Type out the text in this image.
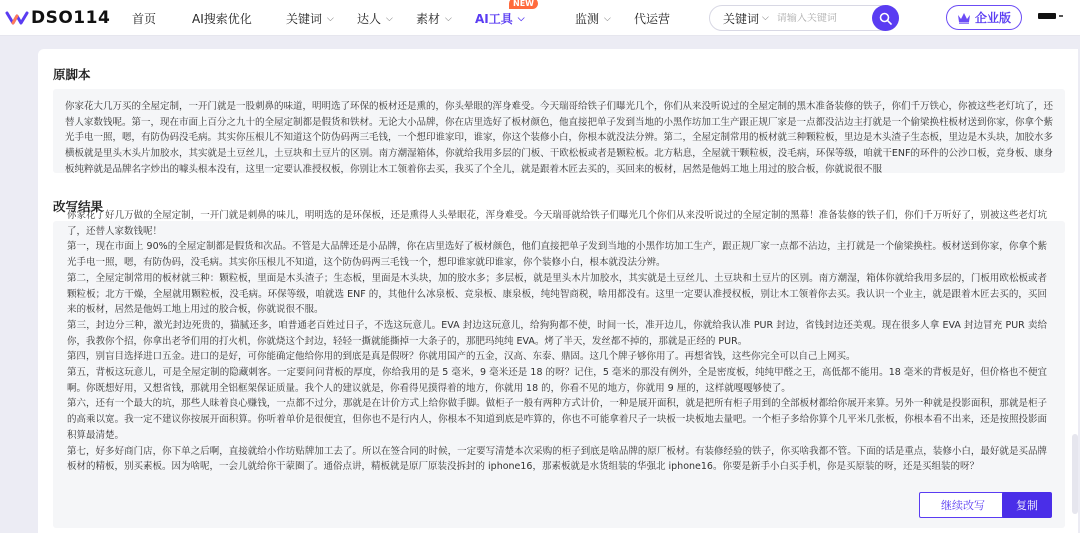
DSO114 首页	AI搜索优化	关键词 ⌵ 达人 ⌵ 素材 ⌵ AI工具 ⌵
NEW
监测 ⌵ 代运营	关键词 ⌵
请输入关键词	企业版
原脚本
你家花大几万买的全屋定制，一开门就是一股刺鼻的味道，明明选了环保的板材还是熏的，你头晕眼的浑身难受。今天瑞哥给铁子们曝光几个，你们从来没听说过的全屋定制的黑木准备装修的铁子，你们千万铁心，你被这些老灯坑了，还替人家数钱呢。第一，现在市面上百分之九十的全屋定制都是假货和铁材。无论大小品牌，你在店里选好了板材颜色，他直接把单子发到当地的小黑作坊加工生产跟正规厂家是一点都没沾边主打就是一个偷梁换柱板材送到你家，你拿个紫光手电一照，嗯，有防伪码没毛病。其实你压根儿不知道这个防伪码两三毛钱，一个想印谁家印，谁家，你这个装修小白，你根本就没法分辨。第二，全屋定制常用的板材就三种颗粒板，里边是木头渣子生态板，里边是木头块，加胶水多横板就是里头木头片加胶水，其实就是土豆丝儿，土豆块和土豆片的区别。南方潮湿箱体，你就给我用多层的门板、干欧松板或者是颗粒板。北方粘息，全屋就干颗粒板，没毛病，环保等级，咱就干ENF的环件的公沙口板，竞身板、康身板纯粹就是品牌名字炒出的噱头根本没有，这里一定要认准授权板，你别让木工领着你去买，我买了个全儿，就是跟着木匠去买的，买回来的板材，居然是他妈工地上用过的胶合板，你就说很不服
改写结果

你家花了好几万做的全屋定制，一开门就是刺鼻的味儿，明明选的是环保板，还是熏得人头晕眼花，浑身难受。今天瑞哥就给铁子们曝光几个你们从来没听说过的全屋定制的黑幕！准备装修的铁子们，你们千万听好了，别被这些老灯坑了，还替人家数钱呢！

第一，现在市面上 90%的全屋定制都是假货和次品。不管是大品牌还是小品牌，你在店里选好了板材颜色，他们直接把单子发到当地的小黑作坊加工生产，跟正规厂家一点都不沾边，主打就是一个偷梁换柱。板材送到你家，你拿个紫光手电一照，嗯，有防伪码，没毛病。其实你压根儿不知道，这个防伪码两三毛钱一个，想印谁家就印谁家，你个装修小白，根本就没法分辨。

第二，全屋定制常用的板材就三种：颗粒板，里面是木头渣子；生态板，里面是木头块，加的胶水多；多层板，就是里头木片加胶水，其实就是土豆丝儿、土豆块和土豆片的区别。南方潮湿，箱体你就给我用多层的，门板用欧松板或者颗粒板；北方干燥，全屋就用颗粒板，没毛病。环保等级，咱就选 ENF 的，其他什么冰泉板、竞泉板、康泉板，纯纯智商税，啥用都没有。这里一定要认准授权板，别让木工领着你去买。我认识一个业主，就是跟着木匠去买的，买回来的板材，居然是他妈工地上用过的胶合板，你就说很不服。

第三，封边分三种，激光封边死贵的，猫腻还多，咱普通老百姓过日子，不选这玩意儿。EVA 封边这玩意儿，给狗狗都不使，时间一长，准开边儿，你就给我认准 PUR 封边，省钱封边还美观。现在很多人拿 EVA 封边冒充 PUR 卖给你，我教你个招，你拿出老爷们用的打火机，你就烧这个封边，轻轻一撕就能撕掉一大条子的，那肥玛纯纯 EVA。烤了半天，发丝都不掉的，那就是正经的 PUR。

第四，别盲目选择进口五金。进口的是好，可你能确定他给你用的到底是真是假呀？你就用国产的五金，汉高、东泰、鼎固。这几个牌子够你用了。再想省钱，这些你完全可以自己上网买。

第五，背板这玩意儿，可是全屋定制的隐藏刺客。一定要问问背板的厚度，你给我用的是 5 毫米，9 毫米还是 18 的呀？记住，5 毫米的那没有例外，全是密度板，纯纯甲醛之王，高低都不能用。18 毫米的背板是好，但价格也不便宜啊。你既想好用，又想省钱，那就用全铝框架保证质量。我个人的建议就是，你看得见摸得着的地方，你就用 18 的，你看不见的地方，你就用 9 厘的，这样就嘎嘎够使了。

第六，还有一个最大的坑，那些人昧着良心赚钱，一点都不过分，那就是在计价方式上给你做手脚。做柜子一般有两种方式计价，一种是展开面积，就是把所有柜子用到的全部板材都给你展开来算。另外一种就是投影面积，那就是柜子的高乘以宽。我一定不建议你按展开面积算。你听着单价是很便宜，但你也不是行内人，你根本不知道到底是咋算的，你也不可能拿着尺子一块板一块板地去量吧。一个柜子多给你算个几平米几张板，你根本看不出来，还是按照投影面积算最清楚。

第七，好多好商门店，你下单之后啊，直接就给小作坊贴牌加工去了。所以在签合同的时候，一定要写清楚本次采购的柜子到底是啥品牌的原厂板材。有装修经验的铁子，你买啥我都不管。下面的话是重点，装修小白，最好就是买品牌板材的精板，别买素板。因为啥呢，一会儿就给你干蒙圈了。通俗点讲，精板就是原厂原装没拆封的 iphone16，那素板就是水货组装的华强北 iphone16。你要是新手小白买手机，你是买原装的呀，还是买组装的呀？

继续改写	复制
